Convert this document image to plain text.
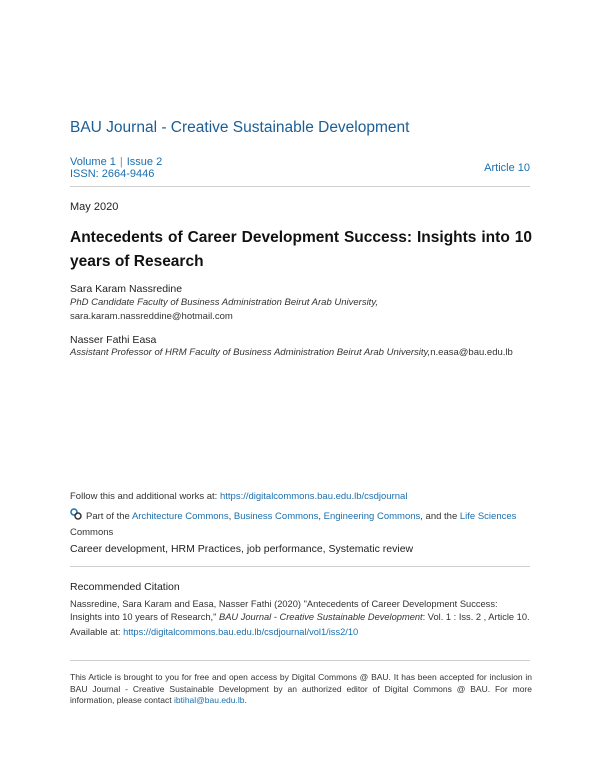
BAU Journal - Creative Sustainable Development
Volume 1 | Issue 2
ISSN: 2664-9446	Article 10
May 2020
Antecedents of Career Development Success: Insights into 10 years of Research
Sara Karam Nassredine
PhD Candidate Faculty of Business Administration Beirut Arab University,
sara.karam.nassreddine@hotmail.com
Nasser Fathi Easa
Assistant Professor of HRM Faculty of Business Administration Beirut Arab University,n.easa@bau.edu.lb
Follow this and additional works at: https://digitalcommons.bau.edu.lb/csdjournal
Part of the Architecture Commons, Business Commons, Engineering Commons, and the Life Sciences
Commons
Career development, HRM Practices, job performance, Systematic review
Recommended Citation
Nassredine, Sara Karam and Easa, Nasser Fathi (2020) "Antecedents of Career Development Success: Insights into 10 years of Research," BAU Journal - Creative Sustainable Development: Vol. 1 : Iss. 2 , Article 10.
Available at: https://digitalcommons.bau.edu.lb/csdjournal/vol1/iss2/10
This Article is brought to you for free and open access by Digital Commons @ BAU. It has been accepted for inclusion in BAU Journal - Creative Sustainable Development by an authorized editor of Digital Commons @ BAU. For more information, please contact ibtihal@bau.edu.lb.
